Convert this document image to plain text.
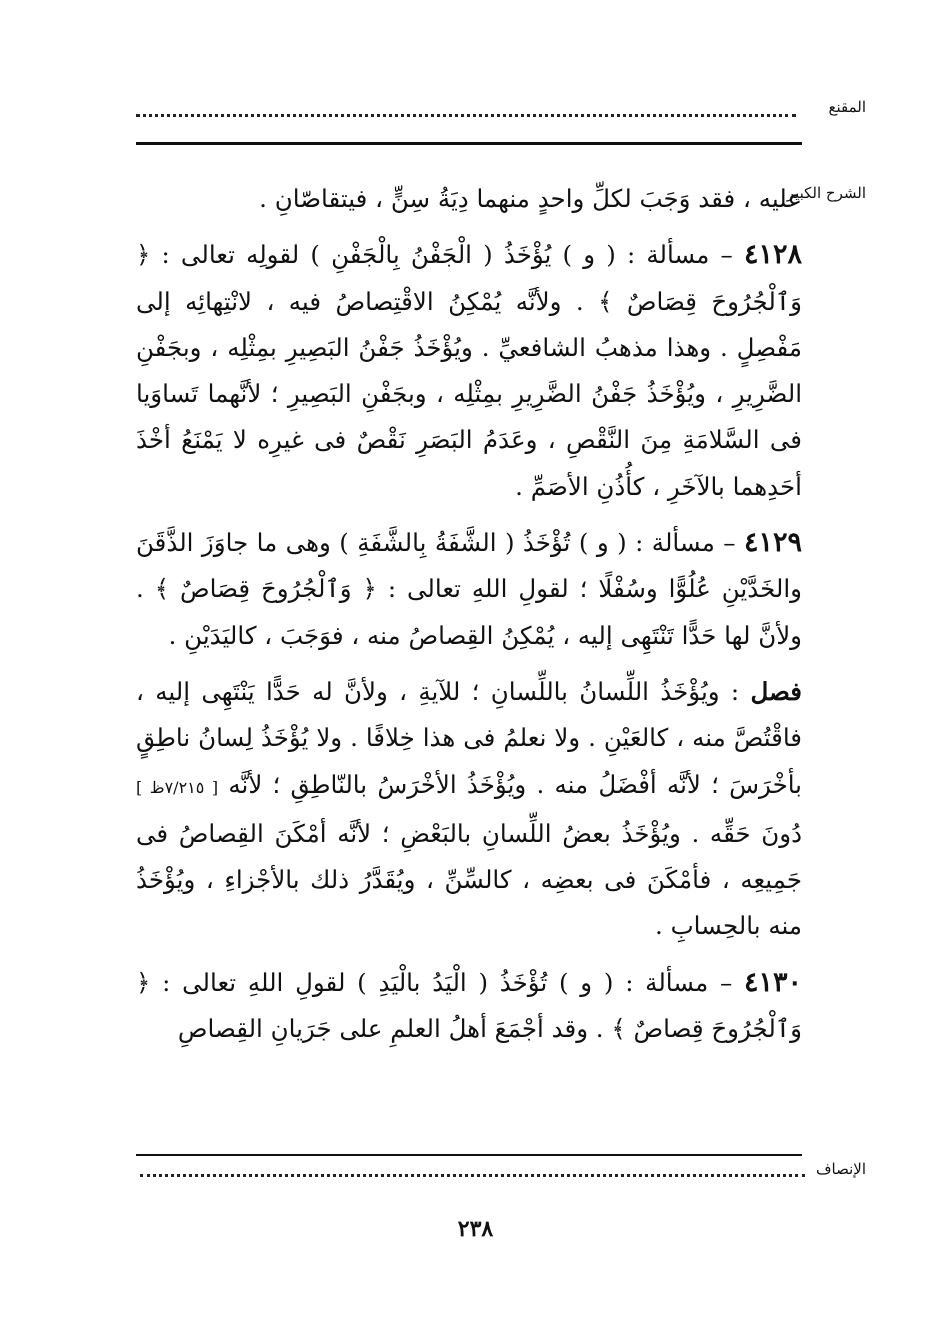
المقنع
الشرح الكبير

عليه ، فقد وَجَبَ لكلِّ واحدٍ منهما دِيَةُ سِنٍّ ، فيتقاصّانِ .

٤١٢٨ – مسألة : ( و ) يُؤْخَذُ ( الْجَفْنُ بِالْجَفْنِ ) لقولِه تعالى : ﴿ وَٱلْجُرُوحَ قِصَاصٌ ﴾ . ولأنَّه يُمْكِنُ الاقْتِصاصُ فيه ، لانْتِهائِه إلى مَفْصِلٍ . وهذا مذهبُ الشافعيِّ . ويُؤْخَذُ جَفْنُ البَصِيرِ بمِثْلِه ، وبجَفْنِ الضَّرِيرِ ، ويُؤْخَذُ جَفْنُ الضَّرِيرِ بمِثْلِه ، وبجَفْنِ البَصِيرِ ؛ لأنَّهما تَساوَيا فى السَّلامَةِ مِنَ النَّقْصِ ، وعَدَمُ البَصَرِ نَقْصٌ فى غيرِه لا يَمْنَعُ أخْذَ أحَدِهما بالآخَرِ ، كأُذُنِ الأصَمِّ .

٤١٢٩ – مسألة : ( و ) تُؤْخَذُ ( الشَّفَةُ بِالشَّفَةِ ) وهى ما جاوَزَ الذَّقَنَ والخَدَّيْنِ عُلُوًّا وسُفْلًا ؛ لقولِ اللهِ تعالى : ﴿ وَٱلْجُرُوحَ قِصَاصٌ ﴾ . ولأنَّ لها حَدًّا تَنْتَهِى إليه ، يُمْكِنُ القِصاصُ منه ، فوَجَبَ ، كاليَدَيْنِ .

فصل : ويُؤْخَذُ اللِّسانُ باللِّسانِ ؛ للآيةِ ، ولأنَّ له حَدًّا يَنْتَهِى إليه ، فاقْتُصَّ منه ، كالعَيْنِ . ولا نعلمُ فى هذا خِلافًا . ولا يُؤْخَذُ لِسانُ ناطِقٍ بأخْرَسَ ؛ لأنَّه أفْضَلُ منه . ويُؤْخَذُ الأخْرَسُ بالنّاطِقِ ؛ لأنَّه [ ٧/٢١٥ظ ] دُونَ حَقِّه . ويُؤْخَذُ بعضُ اللِّسانِ بالبَعْضِ ؛ لأنَّه أمْكَنَ القِصاصُ فى جَمِيعِه ، فأمْكَنَ فى بعضِه ، كالسِّنِّ ، ويُقَدَّرُ ذلك بالأجْزاءِ ، ويُؤْخَذُ منه بالحِسابِ .

٤١٣٠ – مسألة : ( و ) تُؤْخَذُ ( الْيَدُ بالْيَدِ ) لقولِ اللهِ تعالى : ﴿ وَٱلْجُرُوحَ قِصاصٌ ﴾ . وقد أجْمَعَ أهلُ العلمِ على جَرَيانِ القِصاصِ

الإنصاف
٢٣٨
